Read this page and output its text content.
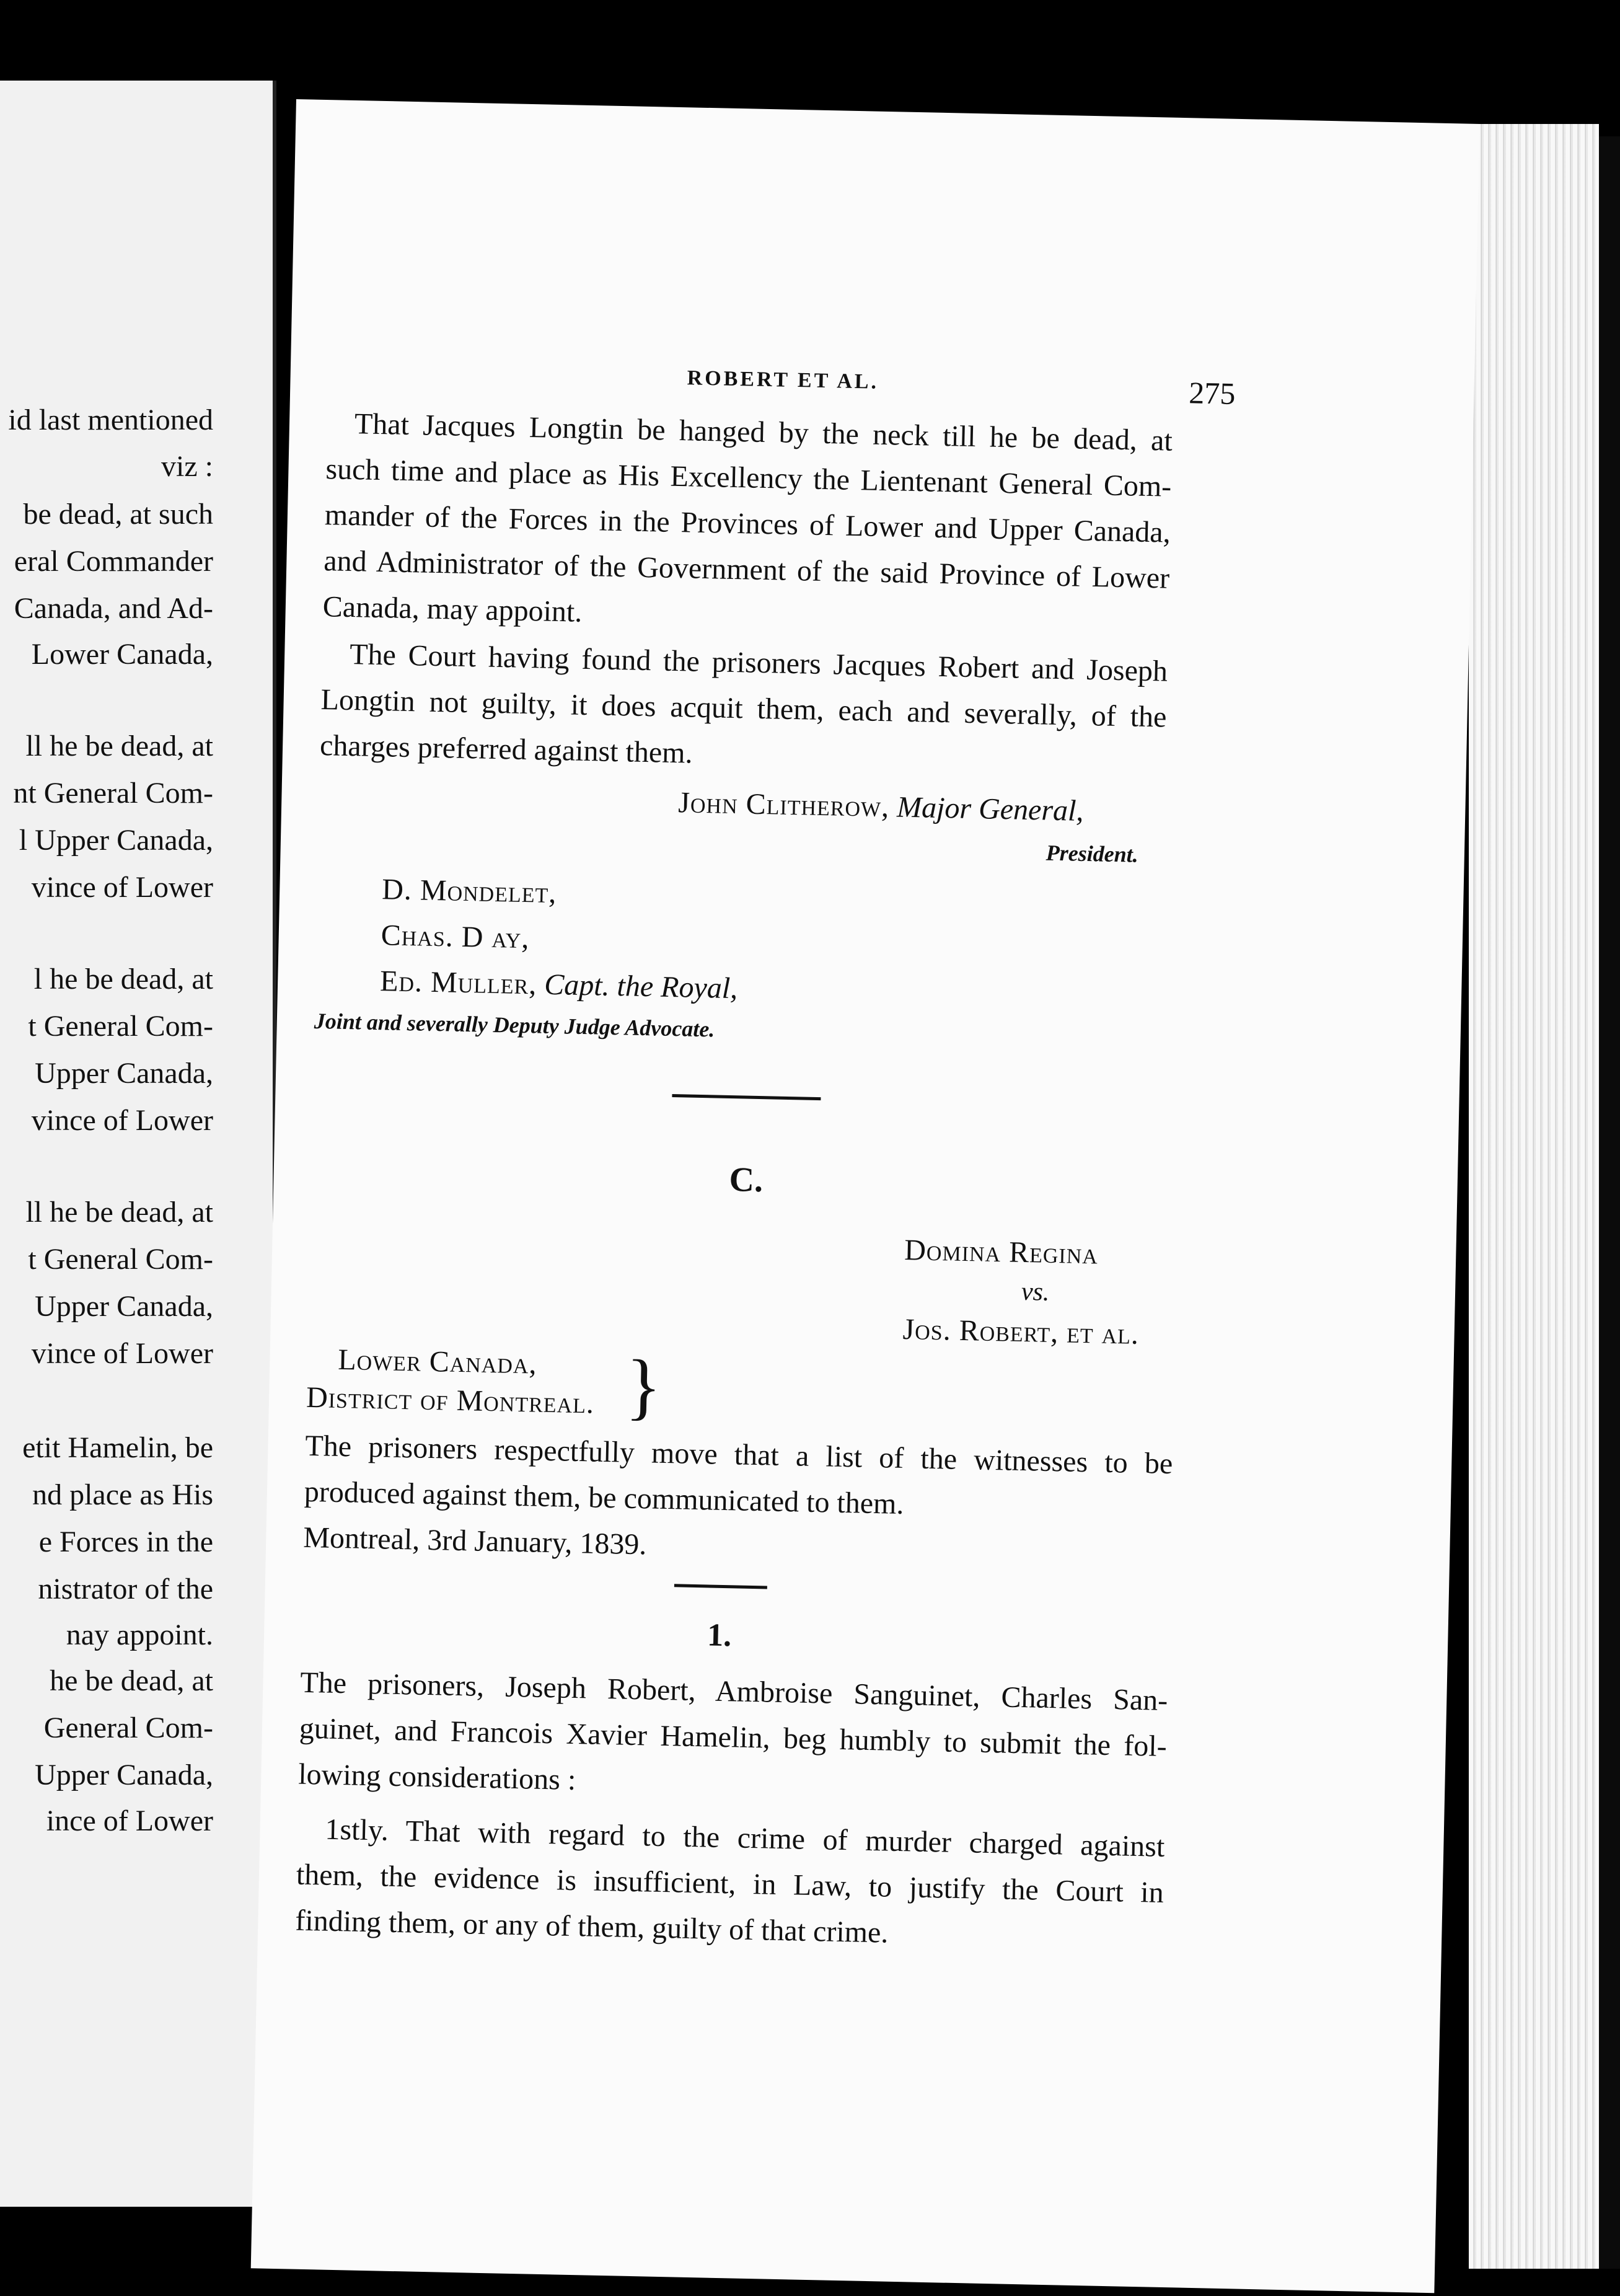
id last mentioned
viz :
be dead, at such
eral Commander
Canada, and Ad-
Lower Canada,
ll he be dead, at
nt General Com-
l Upper Canada,
vince of Lower
l he be dead, at
t General Com-
Upper Canada,
vince of Lower
ll he be dead, at
t General Com-
Upper Canada,
vince of Lower
etit Hamelin, be
nd place as His
e Forces in the
nistrator of the
nay appoint.
he be dead, at
General Com-
Upper Canada,
ince of Lower
ROBERT ET AL.	275
That Jacques Longtin be hanged by the neck till he be dead, at
such time and place as His Excellency the Lientenant General Com-
mander of the Forces in the Provinces of Lower and Upper Canada,
and Administrator of the Government of the said Province of Lower
Canada, may appoint.
The Court having found the prisoners Jacques Robert and Joseph
Longtin not guilty, it does acquit them, each and severally, of the
charges preferred against them.
John Clitherow, Major General,
President.
D. Mondelet,
Chas. D ay,
Ed. Muller, Capt. the Royal,
Joint and severally Deputy Judge Advocate.
C.
Domina Regina
vs.
Jos. Robert, et al.
Lower Canada,
District of Montreal. }
The prisoners respectfully move that a list of the witnesses to be
produced against them, be communicated to them.
Montreal, 3rd January, 1839.
1.
The prisoners, Joseph Robert, Ambroise Sanguinet, Charles San-
guinet, and Francois Xavier Hamelin, beg humbly to submit the fol-
lowing considerations :
1stly. That with regard to the crime of murder charged against
them, the evidence is insufficient, in Law, to justify the Court in
finding them, or any of them, guilty of that crime.
